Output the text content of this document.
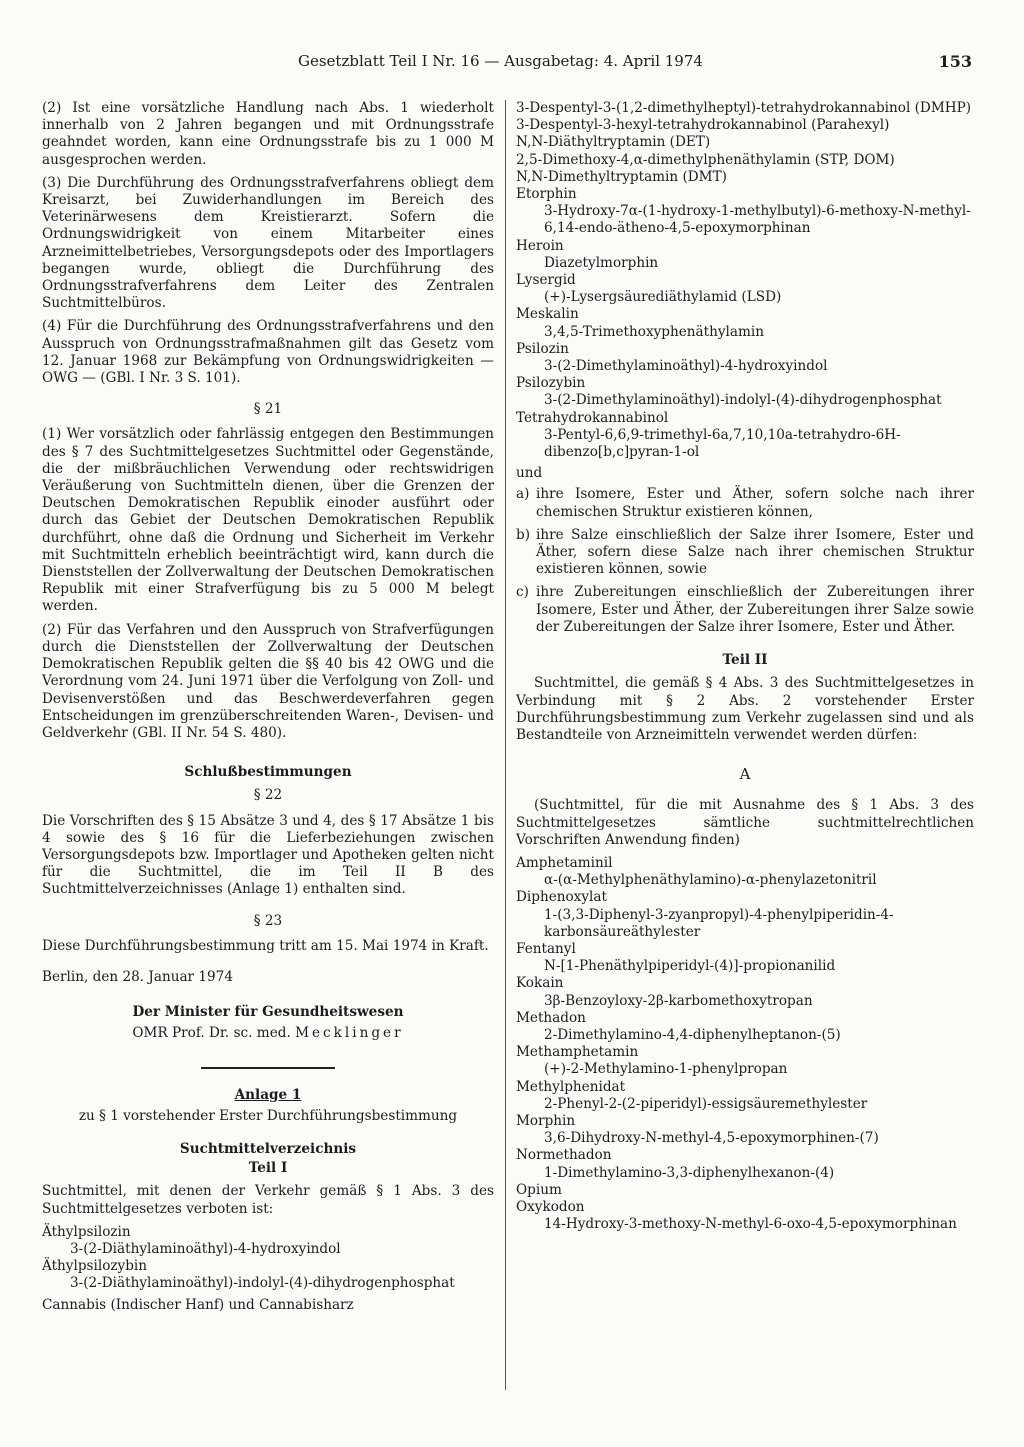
Gesetzblatt Teil I Nr. 16 — Ausgabetag: 4. April 1974	153

(2) Ist eine vorsätzliche Handlung nach Abs. 1 wiederholt innerhalb von 2 Jahren begangen und mit Ordnungsstrafe geahndet worden, kann eine Ordnungsstrafe bis zu 1 000 M ausgesprochen werden.

(3) Die Durchführung des Ordnungsstrafverfahrens obliegt dem Kreisarzt, bei Zuwiderhandlungen im Bereich des Veterinärwesens dem Kreistierarzt. Sofern die Ordnungswidrigkeit von einem Mitarbeiter eines Arzneimittelbetriebes, Versorgungsdepots oder des Importlagers begangen wurde, obliegt die Durchführung des Ordnungsstrafverfahrens dem Leiter des Zentralen Suchtmittelbüros.

(4) Für die Durchführung des Ordnungsstrafverfahrens und den Ausspruch von Ordnungsstrafmaßnahmen gilt das Gesetz vom 12. Januar 1968 zur Bekämpfung von Ordnungswidrigkeiten — OWG — (GBl. I Nr. 3 S. 101).

§ 21

(1) Wer vorsätzlich oder fahrlässig entgegen den Bestimmungen des § 7 des Suchtmittelgesetzes Suchtmittel oder Gegenstände, die der mißbräuchlichen Verwendung oder rechtswidrigen Veräußerung von Suchtmitteln dienen, über die Grenzen der Deutschen Demokratischen Republik einoder ausführt oder durch das Gebiet der Deutschen Demokratischen Republik durchführt, ohne daß die Ordnung und Sicherheit im Verkehr mit Suchtmitteln erheblich beeinträchtigt wird, kann durch die Dienststellen der Zollverwaltung der Deutschen Demokratischen Republik mit einer Strafverfügung bis zu 5 000 M belegt werden.

(2) Für das Verfahren und den Ausspruch von Strafverfügungen durch die Dienststellen der Zollverwaltung der Deutschen Demokratischen Republik gelten die §§ 40 bis 42 OWG und die Verordnung vom 24. Juni 1971 über die Verfolgung von Zoll- und Devisenverstößen und das Beschwerdeverfahren gegen Entscheidungen im grenzüberschreitenden Waren-, Devisen- und Geldverkehr (GBl. II Nr. 54 S. 480).

Schlußbestimmungen
§ 22

Die Vorschriften des § 15 Absätze 3 und 4, des § 17 Absätze 1 bis 4 sowie des § 16 für die Lieferbeziehungen zwischen Versorgungsdepots bzw. Importlager und Apotheken gelten nicht für die Suchtmittel, die im Teil II B des Suchtmittelverzeichnisses (Anlage 1) enthalten sind.

§ 23

Diese Durchführungsbestimmung tritt am 15. Mai 1974 in Kraft.

Berlin, den 28. Januar 1974

Der Minister für Gesundheitswesen
OMR Prof. Dr. sc. med. Mecklinger
Anlage 1
zu § 1 vorstehender Erster Durchführungsbestimmung
Suchtmittelverzeichnis
Teil I

Suchtmittel, mit denen der Verkehr gemäß § 1 Abs. 3 des Suchtmittelgesetzes verboten ist:

Äthylpsilozin
3-(2-Diäthylaminoäthyl)-4-hydroxyindol
Äthylpsilozybin
3-(2-Diäthylaminoäthyl)-indolyl-(4)-dihydrogenphosphat
Cannabis (Indischer Hanf) und Cannabisharz
3-Despentyl-3-(1,2-dimethylheptyl)-tetrahydrokannabinol (DMHP)
3-Despentyl-3-hexyl-tetrahydrokannabinol (Parahexyl)
N,N-Diäthyltryptamin (DET)
2,5-Dimethoxy-4,α-dimethylphenäthylamin (STP, DOM)
N,N-Dimethyltryptamin (DMT)
Etorphin
3-Hydroxy-7α-(1-hydroxy-1-methylbutyl)-6-methoxy-N-methyl-6,14-endo-ätheno-4,5-epoxymorphinan
Heroin
Diazetylmorphin
Lysergid
(+)-Lysergsäurediäthylamid (LSD)
Meskalin
3,4,5-Trimethoxyphenäthylamin
Psilozin
3-(2-Dimethylaminoäthyl)-4-hydroxyindol
Psilozybin
3-(2-Dimethylaminoäthyl)-indolyl-(4)-dihydrogenphosphat
Tetrahydrokannabinol
3-Pentyl-6,6,9-trimethyl-6a,7,10,10a-tetrahydro-6H-dibenzo[b,c]pyran-1-ol
und
a) ihre Isomere, Ester und Äther, sofern solche nach ihrer chemischen Struktur existieren können,
b) ihre Salze einschließlich der Salze ihrer Isomere, Ester und Äther, sofern diese Salze nach ihrer chemischen Struktur existieren können, sowie
c) ihre Zubereitungen einschließlich der Zubereitungen ihrer Isomere, Ester und Äther, der Zubereitungen ihrer Salze sowie der Zubereitungen der Salze ihrer Isomere, Ester und Äther.
Teil II

Suchtmittel, die gemäß § 4 Abs. 3 des Suchtmittelgesetzes in Verbindung mit § 2 Abs. 2 vorstehender Erster Durchführungsbestimmung zum Verkehr zugelassen sind und als Bestandteile von Arzneimitteln verwendet werden dürfen:

A

(Suchtmittel, für die mit Ausnahme des § 1 Abs. 3 des Suchtmittelgesetzes sämtliche suchtmittelrechtlichen Vorschriften Anwendung finden)

Amphetaminil
α-(α-Methylphenäthylamino)-α-phenylazetonitril
Diphenoxylat
1-(3,3-Diphenyl-3-zyanpropyl)-4-phenylpiperidin-4-karbonsäureäthylester
Fentanyl
N-[1-Phenäthylpiperidyl-(4)]-propionanilid
Kokain
3β-Benzoyloxy-2β-karbomethoxytropan
Methadon
2-Dimethylamino-4,4-diphenylheptanon-(5)
Methamphetamin
(+)-2-Methylamino-1-phenylpropan
Methylphenidat
2-Phenyl-2-(2-piperidyl)-essigsäuremethylester
Morphin
3,6-Dihydroxy-N-methyl-4,5-epoxymorphinen-(7)
Normethadon
1-Dimethylamino-3,3-diphenylhexanon-(4)
Opium
Oxykodon
14-Hydroxy-3-methoxy-N-methyl-6-oxo-4,5-epoxymorphinan
